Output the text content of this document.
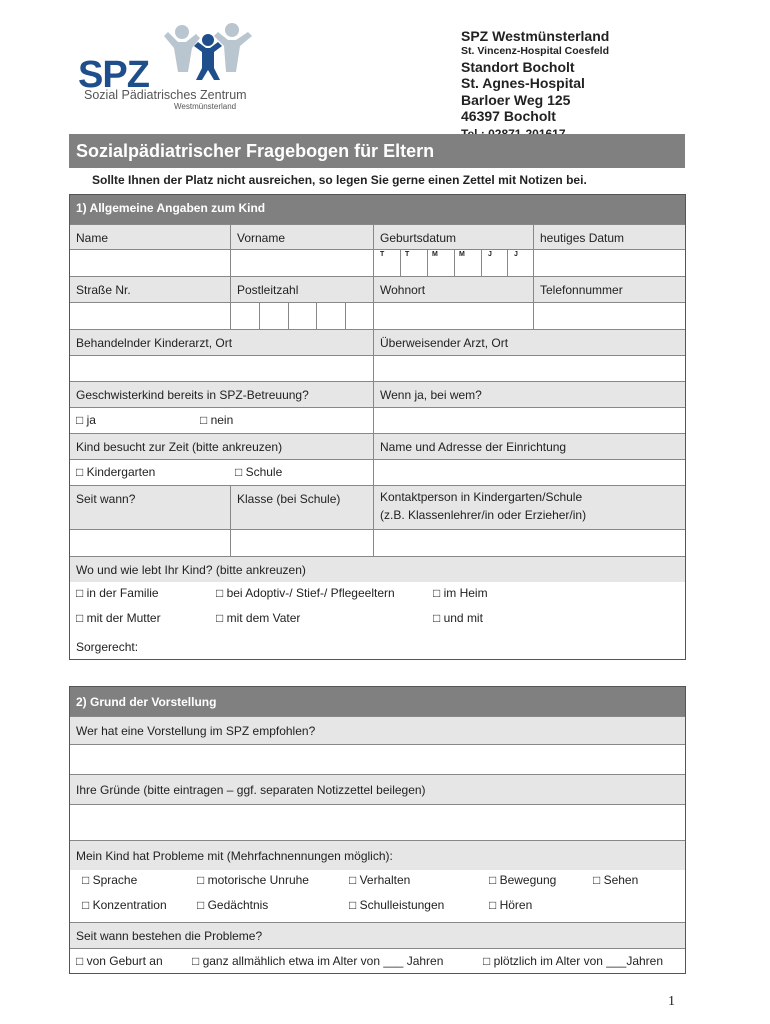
SPZ
Sozial Pädiatrisches Zentrum
Westmünsterland
SPZ Westmünsterland
St. Vincenz-Hospital Coesfeld
Standort Bocholt
St. Agnes-Hospital
Barloer Weg 125
46397 Bocholt
Sozialpädiatrischer Fragebogen für Eltern
Sollte Ihnen der Platz nicht ausreichen, so legen Sie gerne einen Zettel mit Notizen bei.
1) Allgemeine Angaben zum Kind
Name	Vorname	Geburtsdatum	heutiges Datum
T	T	M	M	J	J
Straße Nr.	Postleitzahl	Wohnort	Telefonnummer
Behandelnder Kinderarzt, Ort	Überweisender Arzt, Ort
Geschwisterkind bereits in SPZ-Betreuung?	Wenn ja, bei wem?
□ ja	□ nein
Kind besucht zur Zeit (bitte ankreuzen)	Name und Adresse der Einrichtung
□ Kindergarten	□ Schule
Seit wann?	Klasse (bei Schule)	Kontaktperson in Kindergarten/Schule
(z.B. Klassenlehrer/in oder Erzieher/in)
Wo und wie lebt Ihr Kind? (bitte ankreuzen)
□ in der Familie	□ bei Adoptiv-/ Stief-/ Pflegeeltern	□ im Heim
□ mit der Mutter	□ mit dem Vater	□ und mit
Sorgerecht:
2) Grund der Vorstellung
Wer hat eine Vorstellung im SPZ empfohlen?
Ihre Gründe (bitte eintragen – ggf. separaten Notizzettel beilegen)
Mein Kind hat Probleme mit (Mehrfachnennungen möglich):
□ Sprache	□ motorische Unruhe	□ Verhalten	□ Bewegung	□ Sehen
□ Konzentration	□ Gedächtnis	□ Schulleistungen	□ Hören
Seit wann bestehen die Probleme?
□ von Geburt an □ ganz allmählich etwa im Alter von ___ Jahren	□ plötzlich im Alter von ___Jahren
1
